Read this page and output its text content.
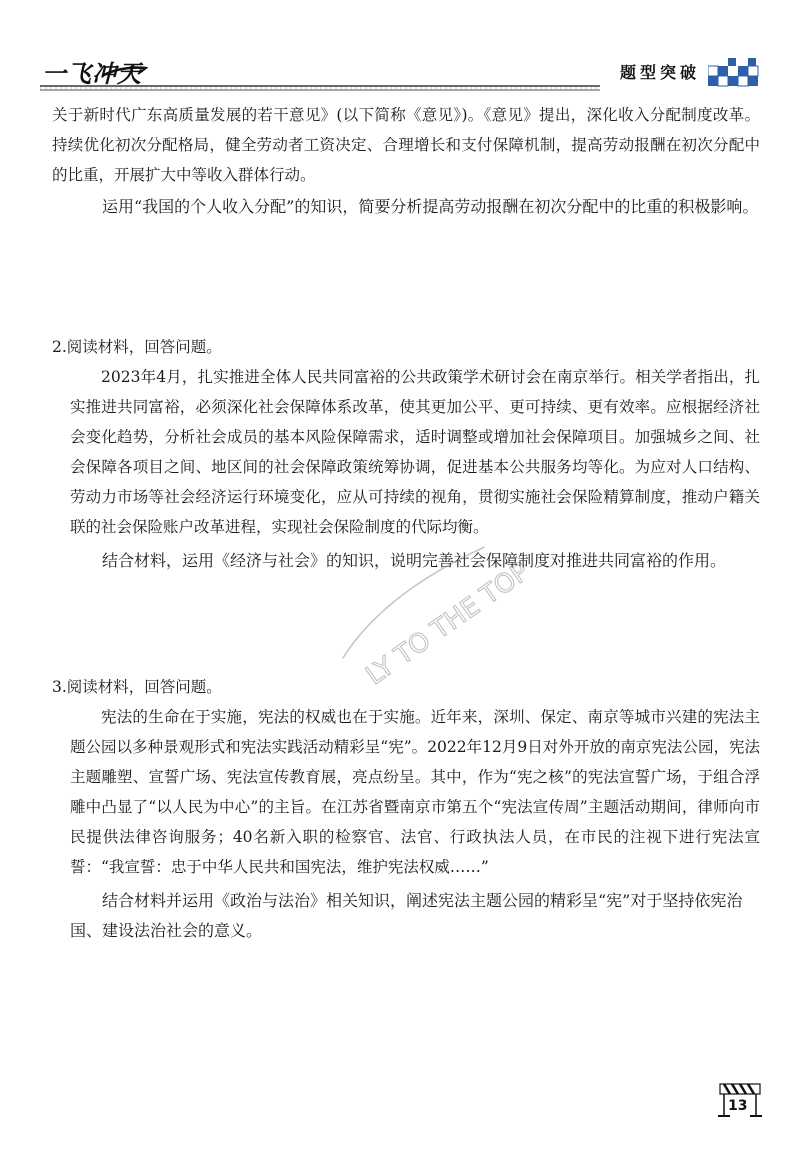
一飞冲天	题型突破

关于新时代广东高质量发展的若干意见》(以下简称《意见》)。《意见》提出，深化收入分配制度改革。持续优化初次分配格局，健全劳动者工资决定、合理增长和支付保障机制，提高劳动报酬在初次分配中的比重，开展扩大中等收入群体行动。

运用“我国的个人收入分配”的知识，简要分析提高劳动报酬在初次分配中的比重的积极影响。

2.阅读材料，回答问题。

2023年4月，扎实推进全体人民共同富裕的公共政策学术研讨会在南京举行。相关学者指出，扎实推进共同富裕，必须深化社会保障体系改革，使其更加公平、更可持续、更有效率。应根据经济社会变化趋势，分析社会成员的基本风险保障需求，适时调整或增加社会保障项目。加强城乡之间、社会保障各项目之间、地区间的社会保障政策统筹协调，促进基本公共服务均等化。为应对人口结构、劳动力市场等社会经济运行环境变化，应从可持续的视角，贯彻实施社会保险精算制度，推动户籍关联的社会保险账户改革进程，实现社会保险制度的代际均衡。

结合材料，运用《经济与社会》的知识，说明完善社会保障制度对推进共同富裕的作用。

3.阅读材料，回答问题。

宪法的生命在于实施，宪法的权威也在于实施。近年来，深圳、保定、南京等城市兴建的宪法主题公园以多种景观形式和宪法实践活动精彩呈“宪”。2022年12月9日对外开放的南京宪法公园，宪法主题雕塑、宣誓广场、宪法宣传教育展，亮点纷呈。其中，作为“宪之核”的宪法宣誓广场，于组合浮雕中凸显了“以人民为中心”的主旨。在江苏省暨南京市第五个“宪法宣传周”主题活动期间，律师向市民提供法律咨询服务；40名新入职的检察官、法官、行政执法人员，在市民的注视下进行宪法宣誓：“我宣誓：忠于中华人民共和国宪法，维护宪法权威……”

结合材料并运用《政治与法治》相关知识，阐述宪法主题公园的精彩呈“宪”对于坚持依宪治国、建设法治社会的意义。

LY TO THE TOP
13
